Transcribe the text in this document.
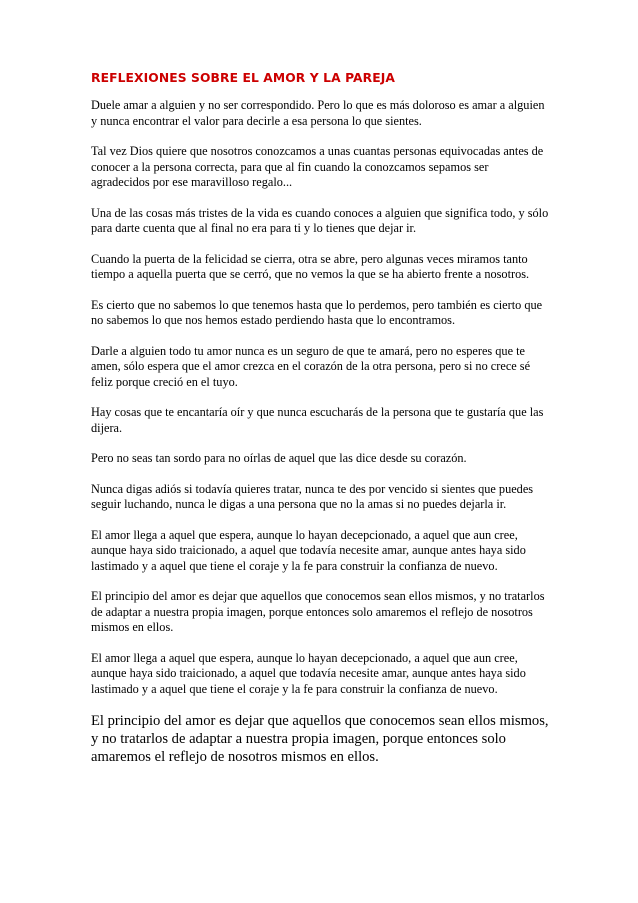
REFLEXIONES SOBRE EL AMOR Y LA PAREJA

Duele amar a alguien y no ser correspondido. Pero lo que es más doloroso es amar a alguien y nunca encontrar el valor para decirle a esa persona lo que sientes.

Tal vez Dios quiere que nosotros conozcamos a unas cuantas personas equivocadas antes de conocer a la persona correcta, para que al fin cuando la conozcamos sepamos ser agradecidos por ese maravilloso regalo...

Una de las cosas más tristes de la vida es cuando conoces a alguien que significa todo, y sólo para darte cuenta que al final no era para ti y lo tienes que dejar ir.

Cuando la puerta de la felicidad se cierra, otra se abre, pero algunas veces miramos tanto tiempo a aquella puerta que se cerró, que no vemos la que se ha abierto frente a nosotros.

Es cierto que no sabemos lo que tenemos hasta que lo perdemos, pero también es cierto que no sabemos lo que nos hemos estado perdiendo hasta que lo encontramos.

Darle a alguien todo tu amor nunca es un seguro de que te amará, pero no esperes que te amen, sólo espera que el amor crezca en el corazón de la otra persona, pero si no crece sé feliz porque creció en el tuyo.

Hay cosas que te encantaría oír y que nunca escucharás de la persona que te gustaría que las dijera.

Pero no seas tan sordo para no oírlas de aquel que las dice desde su corazón.

Nunca digas adiós si todavía quieres tratar, nunca te des por vencido si sientes que puedes seguir luchando, nunca le digas a una persona que no la amas si no puedes dejarla ir.

El amor llega a aquel que espera, aunque lo hayan decepcionado, a aquel que aun cree, aunque haya sido traicionado, a aquel que todavía necesite amar, aunque antes haya sido lastimado y a aquel que tiene el coraje y la fe para construir la confianza de nuevo.

El principio del amor es dejar que aquellos que conocemos sean ellos mismos, y no tratarlos de adaptar a nuestra propia imagen, porque entonces solo amaremos el reflejo de nosotros mismos en ellos.

El amor llega a aquel que espera, aunque lo hayan decepcionado, a aquel que aun cree, aunque haya sido traicionado, a aquel que todavía necesite amar, aunque antes haya sido lastimado y a aquel que tiene el coraje y la fe para construir la confianza de nuevo.

El principio del amor es dejar que aquellos que conocemos sean ellos mismos, y no tratarlos de adaptar a nuestra propia imagen, porque entonces solo amaremos el reflejo de nosotros mismos en ellos.
